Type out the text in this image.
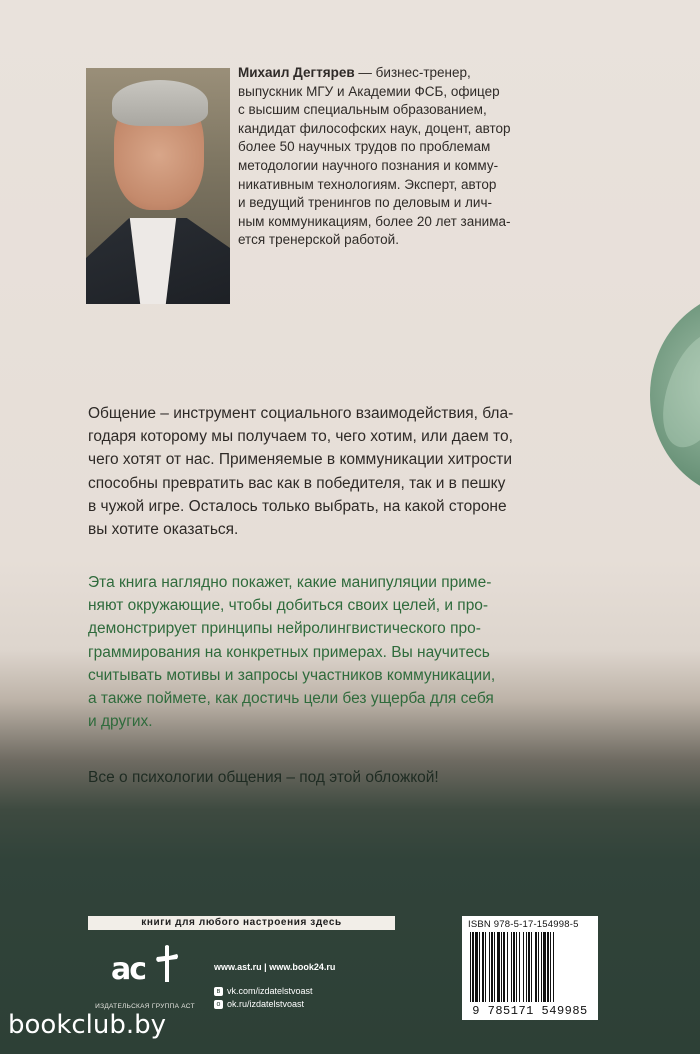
Михаил Дегтярев — бизнес-тренер,
выпускник МГУ и Академии ФСБ, офицер
с высшим специальным образованием,
кандидат философских наук, доцент, автор
более 50 научных трудов по проблемам
методологии научного познания и комму-
никативным технологиям. Эксперт, автор
и ведущий тренингов по деловым и лич-
ным коммуникациям, более 20 лет занима-
ется тренерской работой.

Общение – инструмент социального взаимодействия, бла-
годаря которому мы получаем то, чего хотим, или даем то,
чего хотят от нас. Применяемые в коммуникации хитрости
способны превратить вас как в победителя, так и в пешку
в чужой игре. Осталось только выбрать, на какой стороне
вы хотите оказаться.

Эта книга наглядно покажет, какие манипуляции приме-
няют окружающие, чтобы добиться своих целей, и про-
демонстрирует принципы нейролингвистического про-
граммирования на конкретных примерах. Вы научитесь
считывать мотивы и запросы участников коммуникации,
а также поймете, как достичь цели без ущерба для себя
и других.

Все о психологии общения – под этой обложкой!

книги для любого настроения здесь
ac
ИЗДАТЕЛЬСКАЯ ГРУППА АСТ
www.ast.ru | www.book24.ru
в vk.com/izdatelstvoast
о ok.ru/izdatelstvoast
ISBN 978-5-17-154998-5
9 785171 549985
bookclub.by
